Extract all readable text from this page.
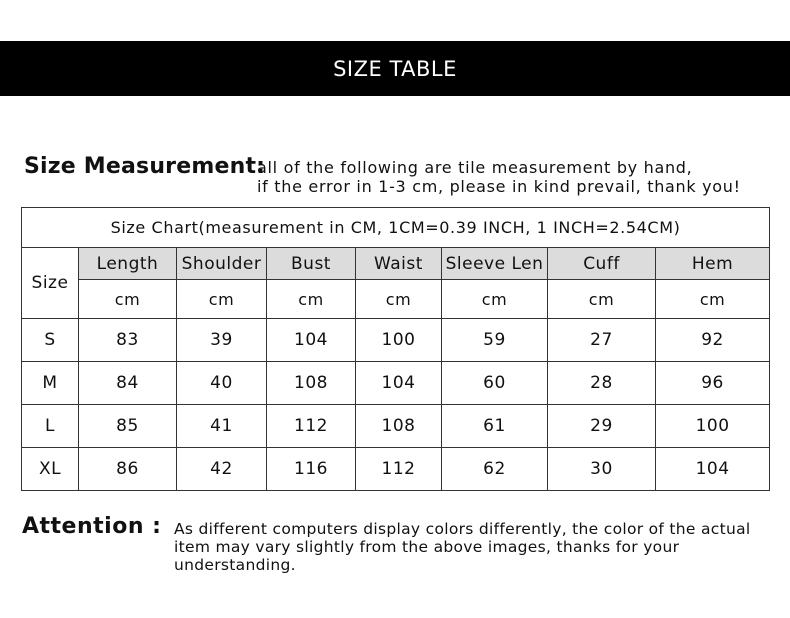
SIZE TABLE
Size Measurement:
all of the following are tile measurement by hand,
if the error in 1-3 cm, please in kind prevail, thank you!
Size Chart(measurement in CM, 1CM=0.39 INCH, 1 INCH=2.54CM)							
Size	Length	Shoulder	Bust	Waist	Sleeve Len	Cuff	Hem
	cm	cm	cm	cm	cm	cm	cm
S	83	39	104	100	59	27	92
M	84	40	108	104	60	28	96
L	85	41	112	108	61	29	100
XL	86	42	116	112	62	30	104
Attention : As different computers display colors differently, the color of the actual item may vary slightly from the above images, thanks for your understanding.
